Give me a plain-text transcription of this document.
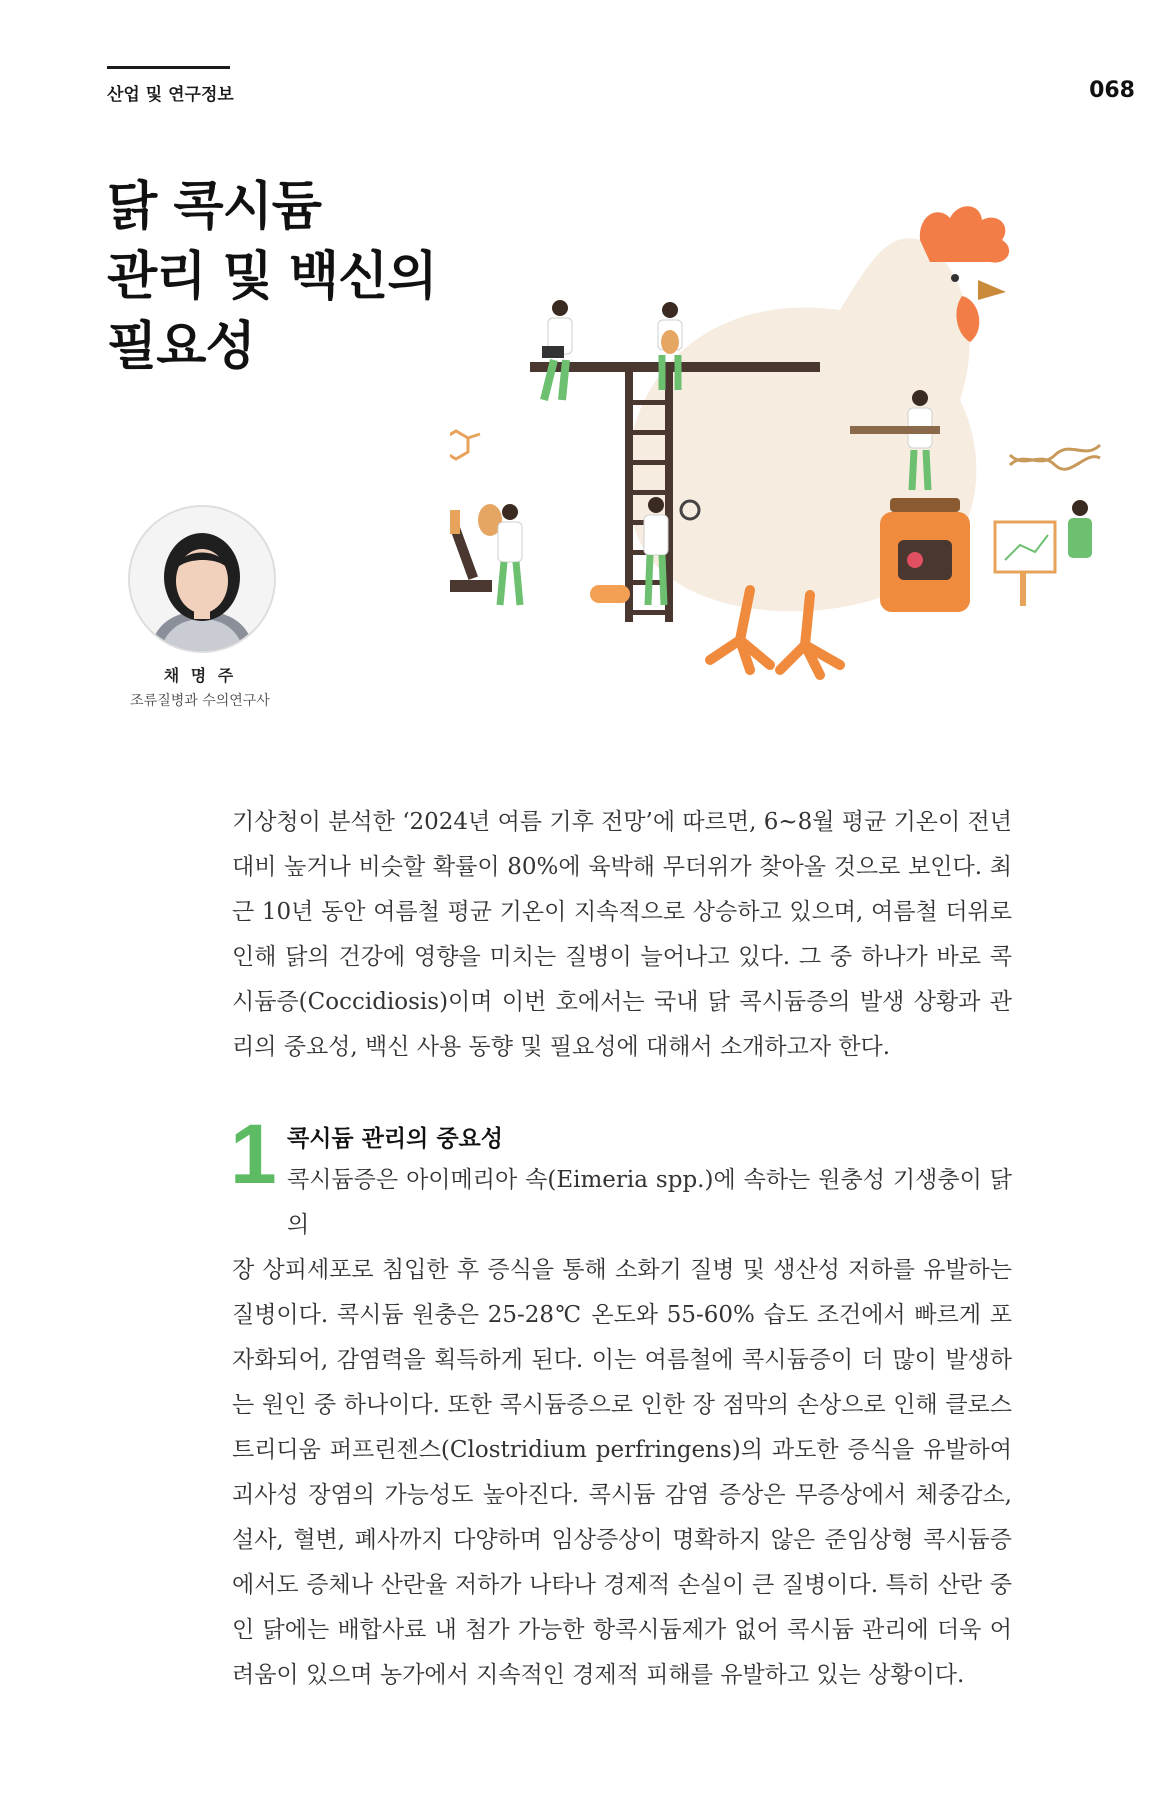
산업 및 연구정보	068
닭 콕시듐
관리 및 백신의
필요성
채 명 주
조류질병과 수의연구사

기상청이 분석한 ‘2024년 여름 기후 전망’에 따르면, 6~8월 평균 기온이 전년 대비 높거나 비슷할 확률이 80%에 육박해 무더위가 찾아올 것으로 보인다. 최근 10년 동안 여름철 평균 기온이 지속적으로 상승하고 있으며, 여름철 더위로 인해 닭의 건강에 영향을 미치는 질병이 늘어나고 있다. 그 중 하나가 바로 콕시듐증(Coccidiosis)이며 이번 호에서는 국내 닭 콕시듐증의 발생 상황과 관리의 중요성, 백신 사용 동향 및 필요성에 대해서 소개하고자 한다.

1 콕시듐 관리의 중요성

콕시듐증은 아이메리아 속(Eimeria spp.)에 속하는 원충성 기생충이 닭의
장 상피세포로 침입한 후 증식을 통해 소화기 질병 및 생산성 저하를 유발하는 질병이다. 콕시듐 원충은 25-28℃ 온도와 55-60% 습도 조건에서 빠르게 포자화되어, 감염력을 획득하게 된다. 이는 여름철에 콕시듐증이 더 많이 발생하는 원인 중 하나이다. 또한 콕시듐증으로 인한 장 점막의 손상으로 인해 클로스트리디움 퍼프린젠스(Clostridium perfringens)의 과도한 증식을 유발하여 괴사성 장염의 가능성도 높아진다. 콕시듐 감염 증상은 무증상에서 체중감소, 설사, 혈변, 폐사까지 다양하며 임상증상이 명확하지 않은 준임상형 콕시듐증에서도 증체나 산란율 저하가 나타나 경제적 손실이 큰 질병이다. 특히 산란 중인 닭에는 배합사료 내 첨가 가능한 항콕시듐제가 없어 콕시듐 관리에 더욱 어려움이 있으며 농가에서 지속적인 경제적 피해를 유발하고 있는 상황이다.
